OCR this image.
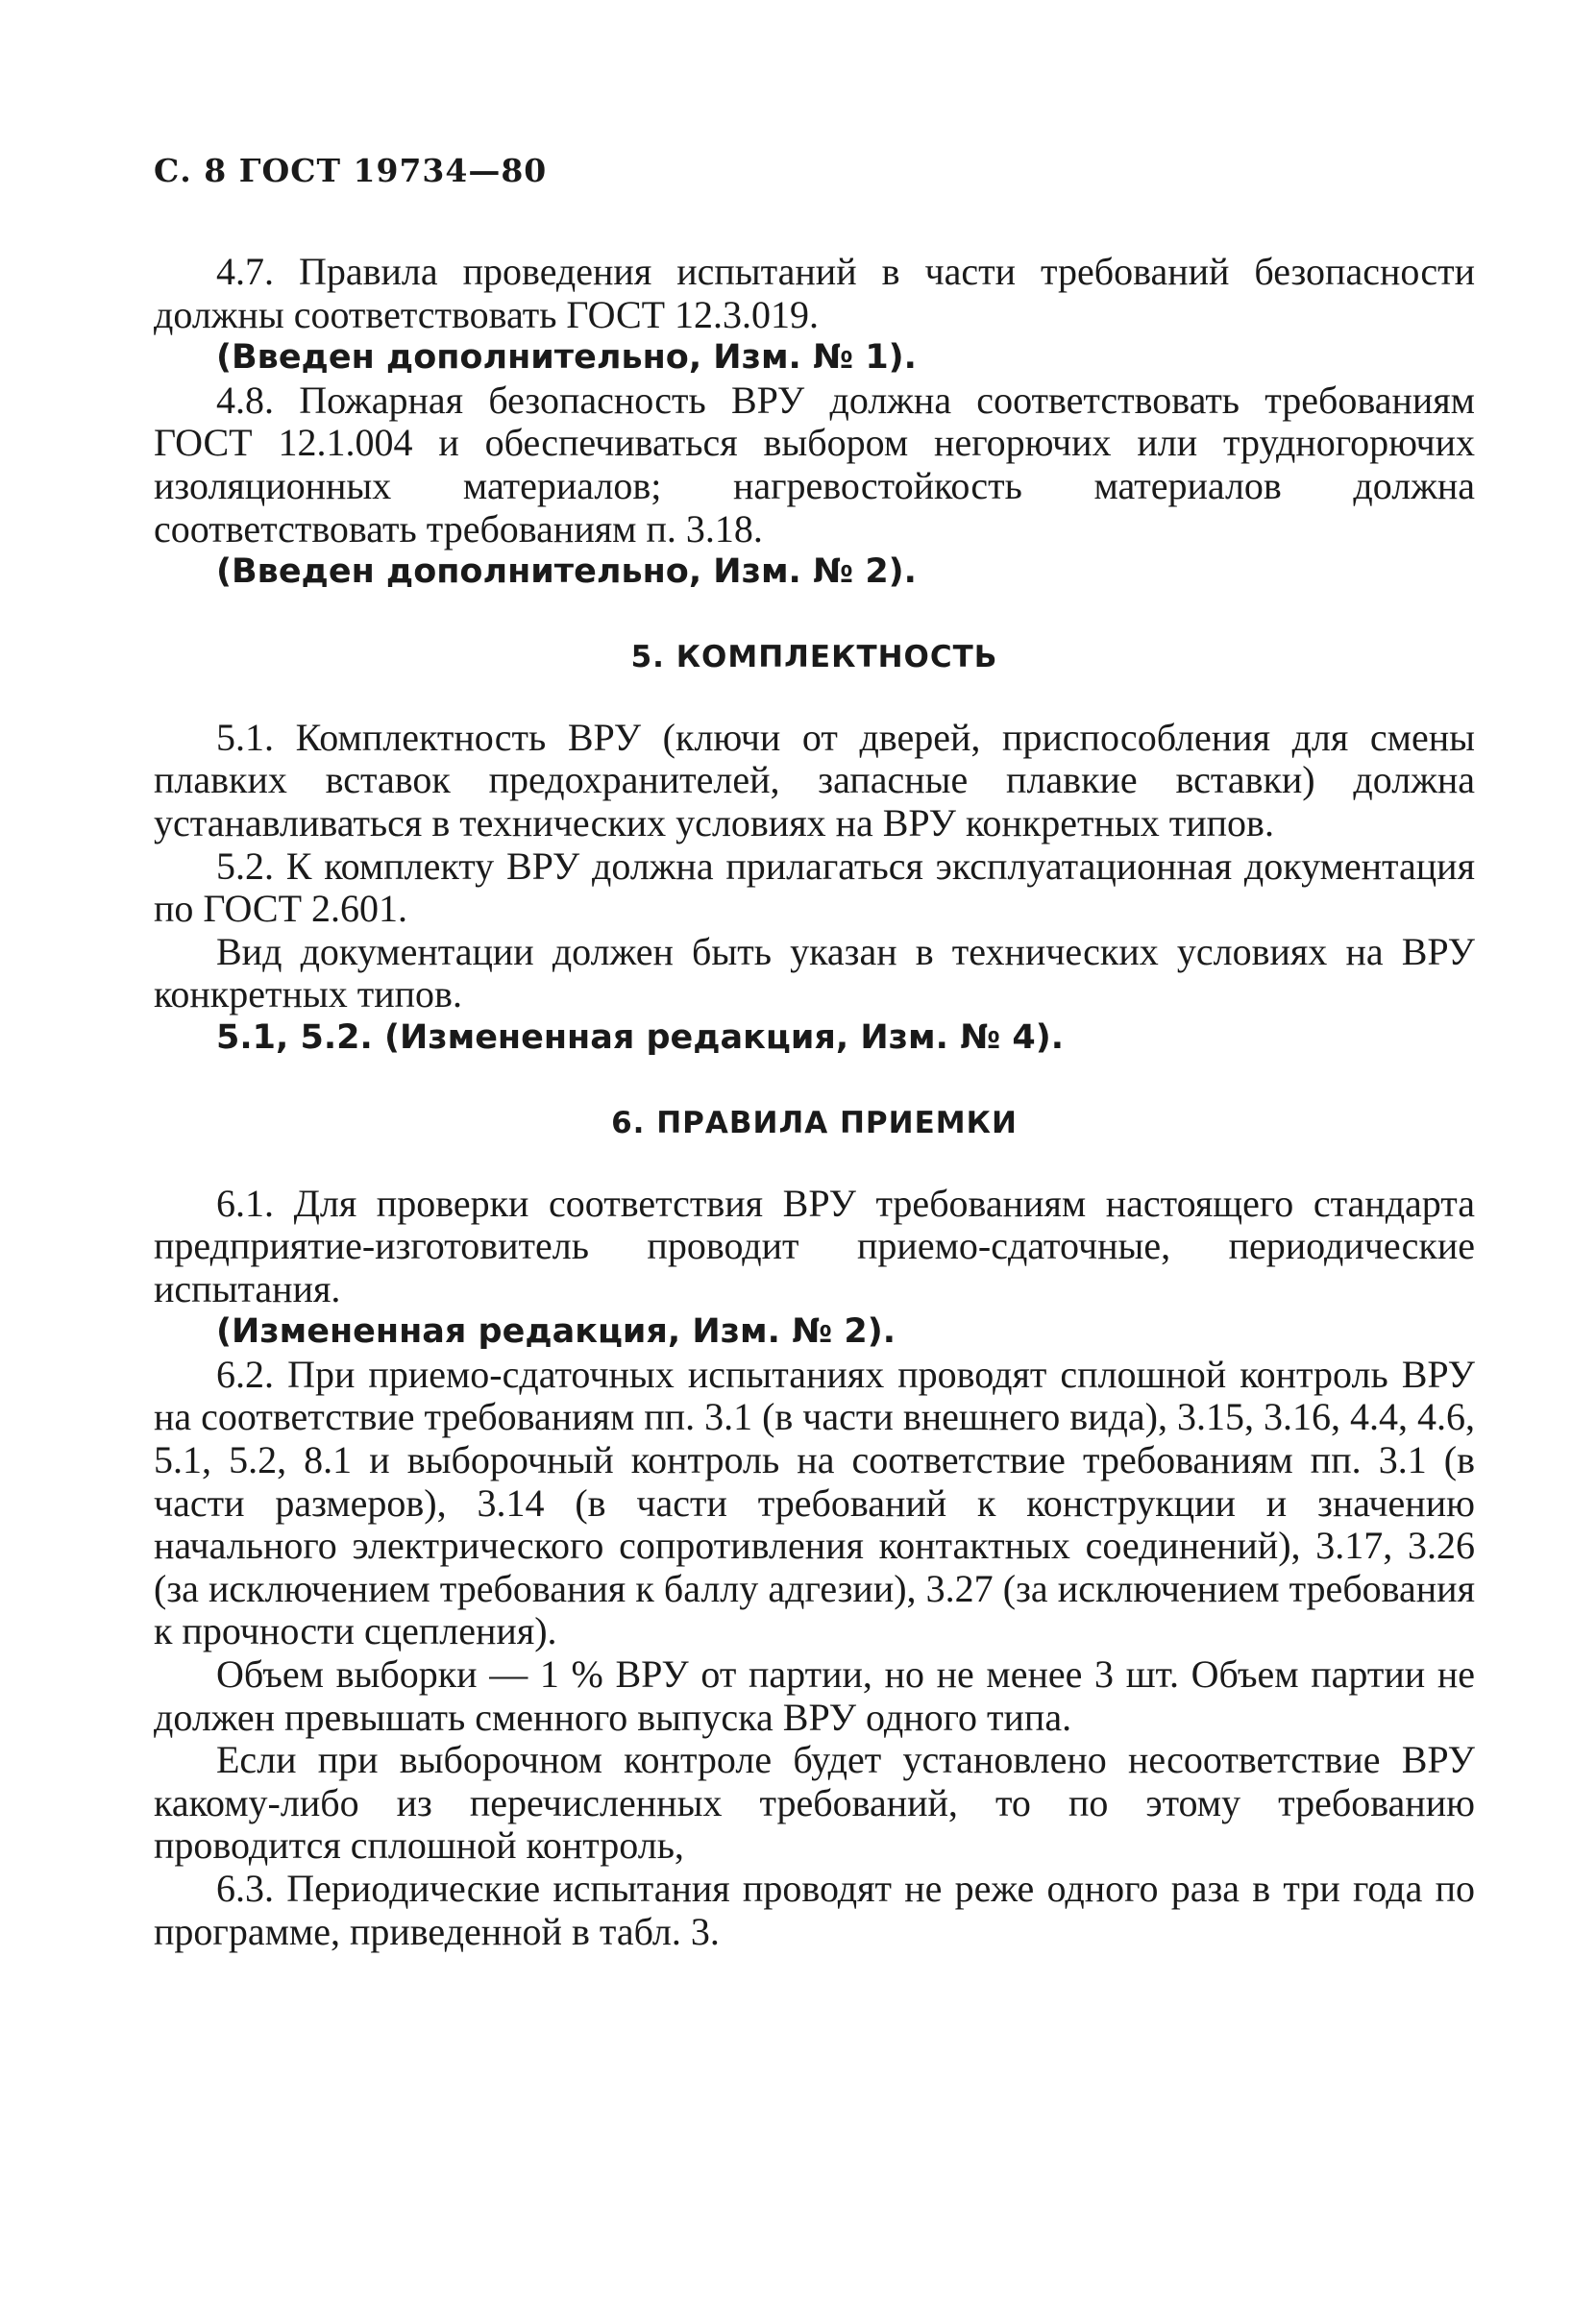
С. 8 ГОСТ 19734—80

4.7. Правила проведения испытаний в части требований безопасности должны соответствовать ГОСТ 12.3.019.

(Введен дополнительно, Изм. № 1).

4.8. Пожарная безопасность ВРУ должна соответствовать требованиям ГОСТ 12.1.004 и обеспечиваться выбором негорючих или трудногорючих изоляционных материалов; нагревостойкость материалов должна соответствовать требованиям п. 3.18.

(Введен дополнительно, Изм. № 2).

5. КОМПЛЕКТНОСТЬ

5.1. Комплектность ВРУ (ключи от дверей, приспособления для смены плавких вставок предохранителей, запасные плавкие вставки) должна устанавливаться в технических условиях на ВРУ конкретных типов.

5.2. К комплекту ВРУ должна прилагаться эксплуатационная документация по ГОСТ 2.601.

Вид документации должен быть указан в технических условиях на ВРУ конкретных типов.

5.1, 5.2. (Измененная редакция, Изм. № 4).

6. ПРАВИЛА ПРИЕМКИ

6.1. Для проверки соответствия ВРУ требованиям настоящего стандарта предприятие-изготовитель проводит приемо-сдаточные, периодические испытания.

(Измененная редакция, Изм. № 2).

6.2. При приемо-сдаточных испытаниях проводят сплошной контроль ВРУ на соответствие требованиям пп. 3.1 (в части внешнего вида), 3.15, 3.16, 4.4, 4.6, 5.1, 5.2, 8.1 и выборочный контроль на соответствие требованиям пп. 3.1 (в части размеров), 3.14 (в части требований к конструкции и значению начального электрического сопротивления контактных соединений), 3.17, 3.26 (за исключением требования к баллу адгезии), 3.27 (за исключением требования к прочности сцепления).

Объем выборки — 1 % ВРУ от партии, но не менее 3 шт. Объем партии не должен превышать сменного выпуска ВРУ одного типа.

Если при выборочном контроле будет установлено несоответствие ВРУ какому-либо из перечисленных требований, то по этому требованию проводится сплошной контроль,

6.3. Периодические испытания проводят не реже одного раза в три года по программе, приведенной в табл. 3.
